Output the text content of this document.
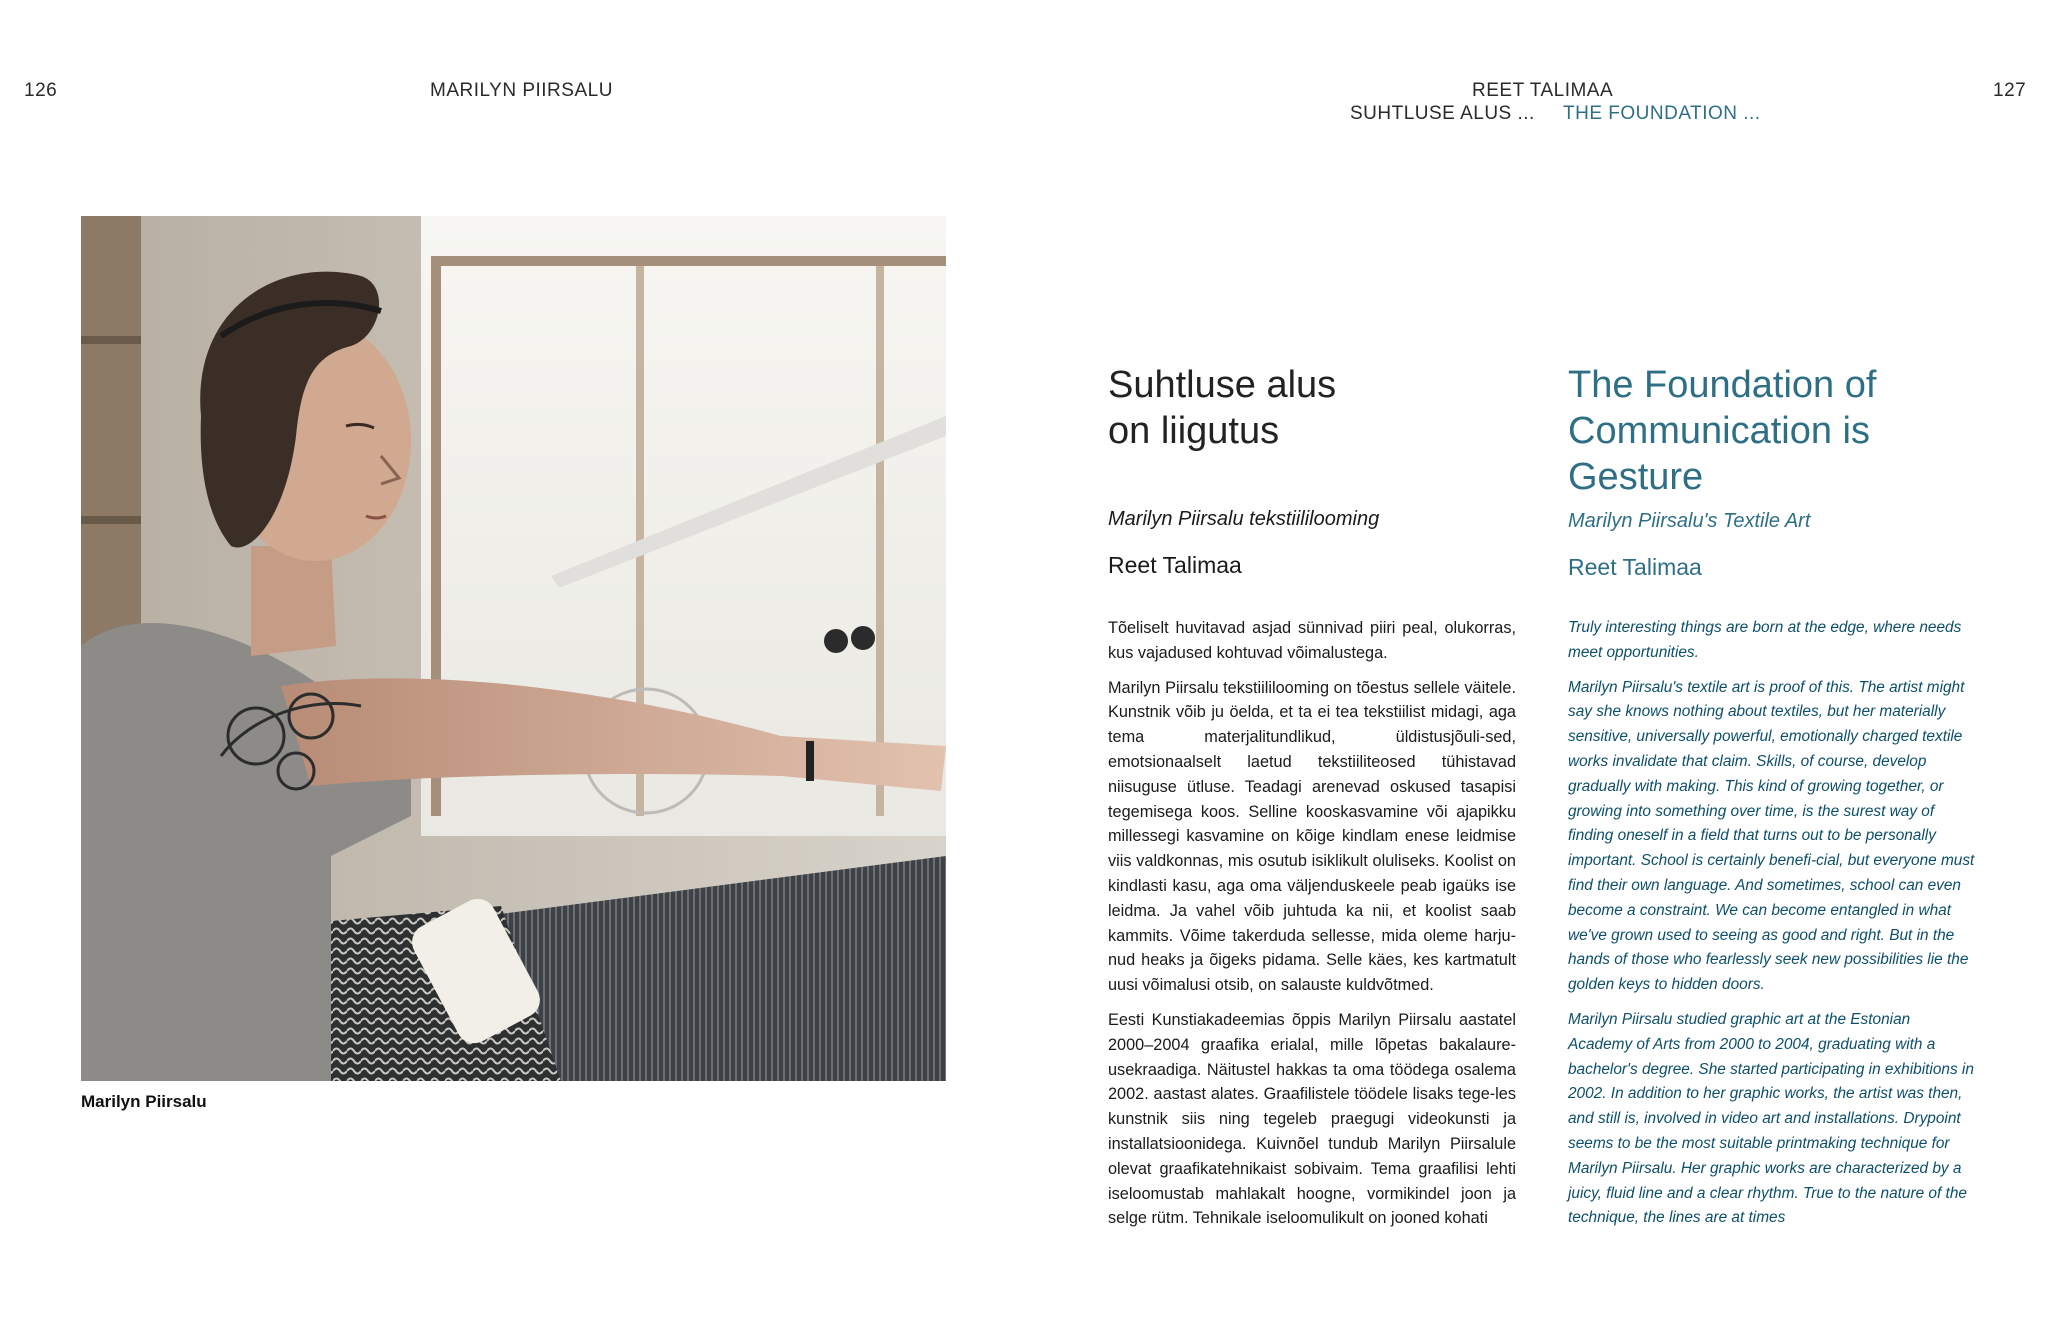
126	MARILYN PIIRSALU	REET TALIMAA
SUHTLUSE ALUS ... THE FOUNDATION ...
127
Marilyn Piirsalu
Suhtluse alus
on liigutus
Marilyn Piirsalu tekstiililooming
Reet Talimaa

Tõeliselt huvitavad asjad sünnivad piiri peal, olukorras, kus vajadused kohtuvad võimalustega.

Marilyn Piirsalu tekstiililooming on tõestus sellele väitele. Kunstnik võib ju öelda, et ta ei tea tekstiilist midagi, aga tema materjalitundlikud, üldistusjõuli-sed, emotsionaalselt laetud tekstiiliteosed tühistavad niisuguse ütluse. Teadagi arenevad oskused tasapisi tegemisega koos. Selline kooskasvamine või ajapikku millessegi kasvamine on kõige kindlam enese leidmise viis valdkonnas, mis osutub isiklikult oluliseks. Koolist on kindlasti kasu, aga oma väljenduskeele peab igaüks ise leidma. Ja vahel võib juhtuda ka nii, et koolist saab kammits. Võime takerduda sellesse, mida oleme harju-nud heaks ja õigeks pidama. Selle käes, kes kartmatult uusi võimalusi otsib, on salauste kuldvõtmed.

Eesti Kunstiakadeemias õppis Marilyn Piirsalu aastatel 2000–2004 graafika erialal, mille lõpetas bakalaure-usekraadiga. Näitustel hakkas ta oma töödega osalema 2002. aastast alates. Graafilistele töödele lisaks tege-les kunstnik siis ning tegeleb praegugi videokunsti ja installatsioonidega. Kuivnõel tundub Marilyn Piirsalule olevat graafikatehnikaist sobivaim. Tema graafilisi lehti iseloomustab mahlakalt hoogne, vormikindel joon ja selge rütm. Tehnikale iseloomulikult on jooned kohati

The Foundation of
Communication is
Gesture
Marilyn Piirsalu's Textile Art
Reet Talimaa

Truly interesting things are born at the edge, where needs meet opportunities.

Marilyn Piirsalu's textile art is proof of this. The artist might say she knows nothing about textiles, but her materially sensitive, universally powerful, emotionally charged textile works invalidate that claim. Skills, of course, develop gradually with making. This kind of growing together, or growing into something over time, is the surest way of finding oneself in a field that turns out to be personally important. School is certainly benefi-cial, but everyone must find their own language. And sometimes, school can even become a constraint. We can become entangled in what we've grown used to seeing as good and right. But in the hands of those who fearlessly seek new possibilities lie the golden keys to hidden doors.

Marilyn Piirsalu studied graphic art at the Estonian Academy of Arts from 2000 to 2004, graduating with a bachelor's degree. She started participating in exhibitions in 2002. In addition to her graphic works, the artist was then, and still is, involved in video art and installations. Drypoint seems to be the most suitable printmaking technique for Marilyn Piirsalu. Her graphic works are characterized by a juicy, fluid line and a clear rhythm. True to the nature of the technique, the lines are at times
